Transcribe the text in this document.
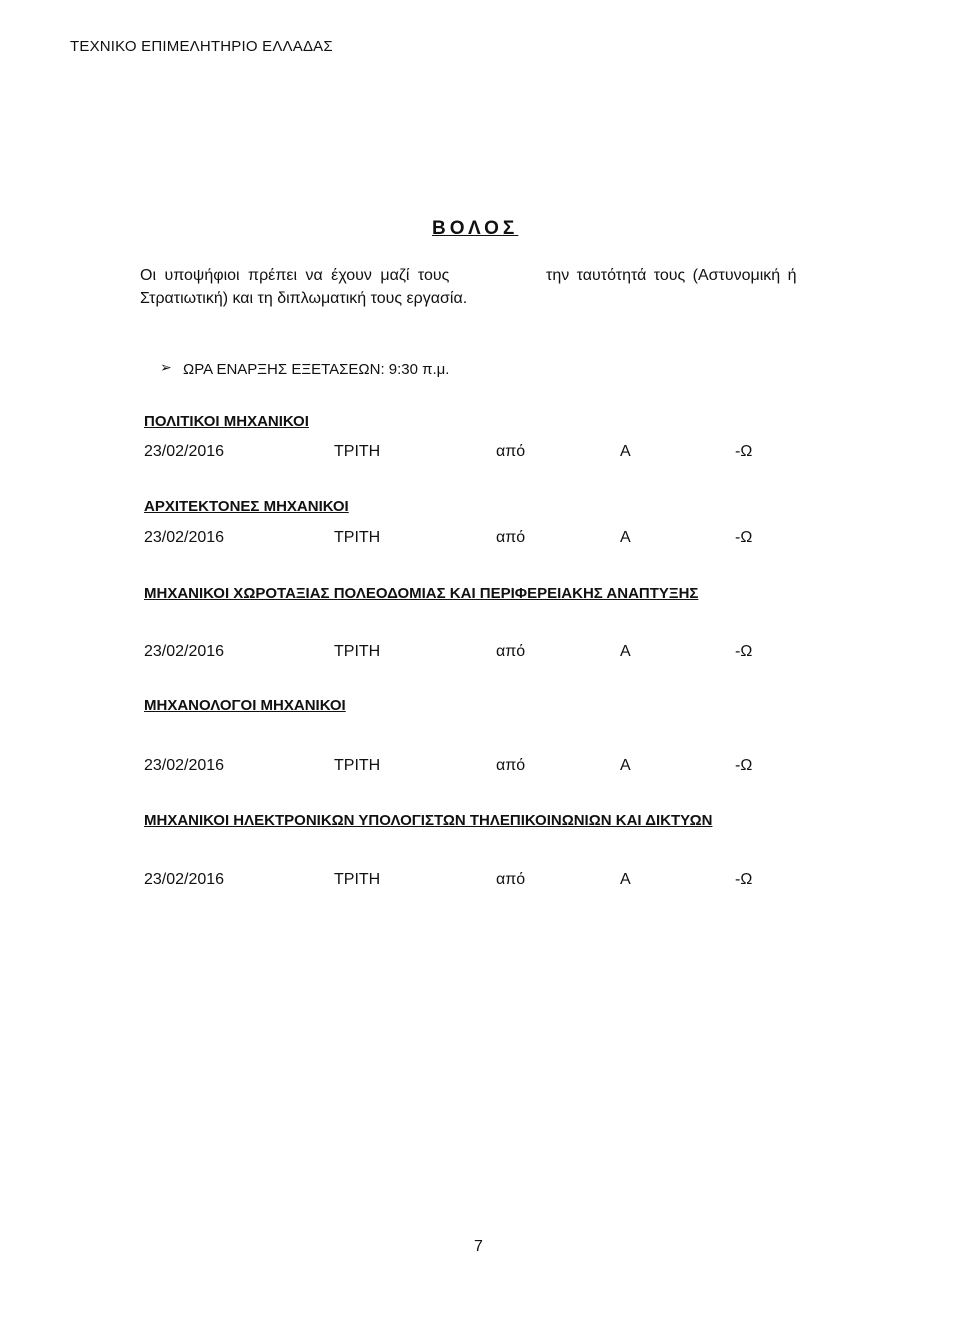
ΤΕΧΝΙΚΟ ΕΠΙΜΕΛΗΤΗΡΙΟ ΕΛΛΑΔΑΣ
ΒΟΛΟΣ
Οι υποψήφιοι πρέπει να έχουν μαζί τους	την ταυτότητά τους (Αστυνομική ή
Στρατιωτική) και τη διπλωματική τους εργασία.
➢ ΩΡΑ ΕΝΑΡΞΗΣ ΕΞΕΤΑΣΕΩΝ: 9:30 π.μ.
ΠΟΛΙΤΙΚΟΙ ΜΗΧΑΝΙΚΟΙ
23/02/2016	ΤΡΙΤΗ	από	Α	-Ω
ΑΡΧΙΤΕΚΤΟΝΕΣ ΜΗΧΑΝΙΚΟΙ
23/02/2016	ΤΡΙΤΗ	από	Α	-Ω
ΜΗΧΑΝΙΚΟΙ ΧΩΡΟΤΑΞΙΑΣ ΠΟΛΕΟΔΟΜΙΑΣ ΚΑΙ ΠΕΡΙΦΕΡΕΙΑΚΗΣ ΑΝΑΠΤΥΞΗΣ
23/02/2016	ΤΡΙΤΗ	από	Α	-Ω
ΜΗΧΑΝΟΛΟΓΟΙ ΜΗΧΑΝΙΚΟΙ
23/02/2016	ΤΡΙΤΗ	από	Α	-Ω
ΜΗΧΑΝΙΚΟΙ ΗΛΕΚΤΡΟΝΙΚΩΝ ΥΠΟΛΟΓΙΣΤΩΝ ΤΗΛΕΠΙΚΟΙΝΩΝΙΩΝ ΚΑΙ ΔΙΚΤΥΩΝ
23/02/2016	ΤΡΙΤΗ	από	Α	-Ω
7
